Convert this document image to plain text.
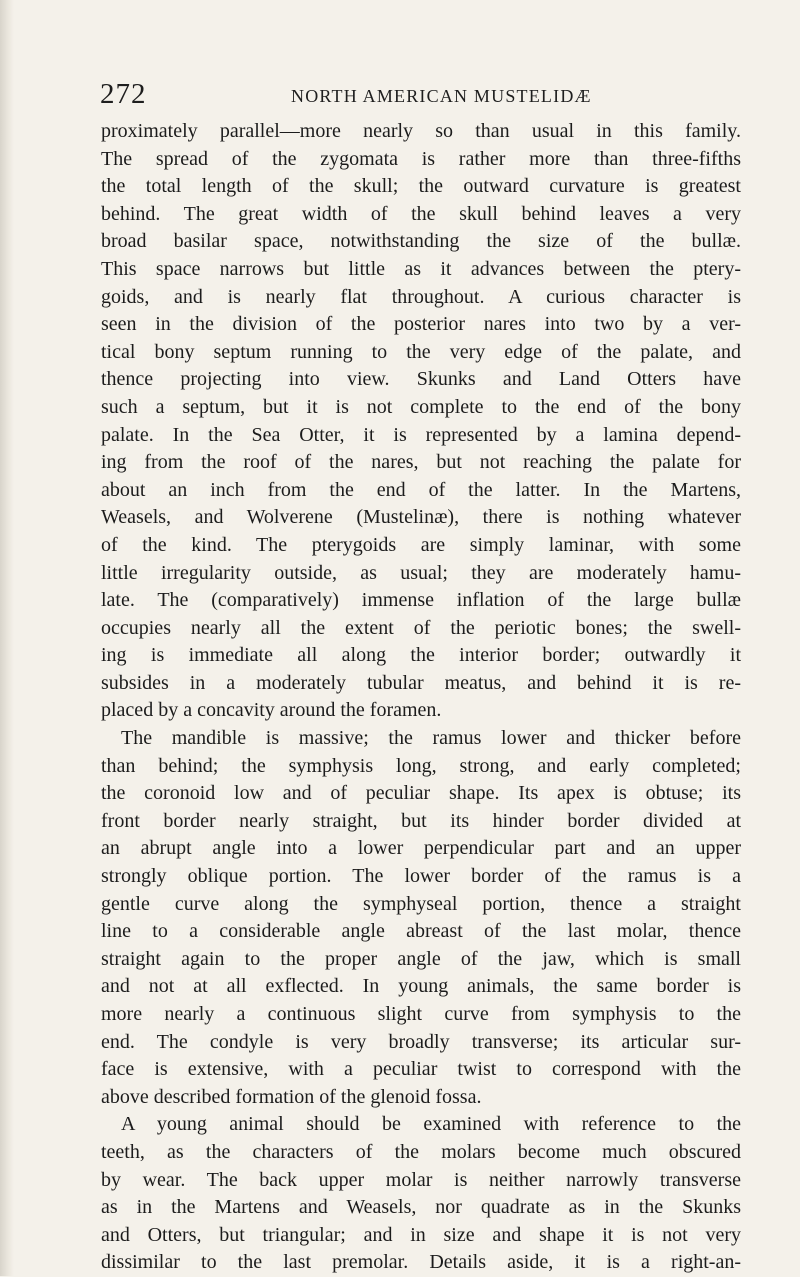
272	NORTH AMERICAN MUSTELIDÆ
proximately parallel—more nearly so than usual in this family.
The spread of the zygomata is rather more than three-fifths
the total length of the skull; the outward curvature is greatest
behind. The great width of the skull behind leaves a very
broad basilar space, notwithstanding the size of the bullæ.
This space narrows but little as it advances between the ptery-
goids, and is nearly flat throughout. A curious character is
seen in the division of the posterior nares into two by a ver-
tical bony septum running to the very edge of the palate, and
thence projecting into view. Skunks and Land Otters have
such a septum, but it is not complete to the end of the bony
palate. In the Sea Otter, it is represented by a lamina depend-
ing from the roof of the nares, but not reaching the palate for
about an inch from the end of the latter. In the Martens,
Weasels, and Wolverene (Mustelinæ), there is nothing whatever
of the kind. The pterygoids are simply laminar, with some
little irregularity outside, as usual; they are moderately hamu-
late. The (comparatively) immense inflation of the large bullæ
occupies nearly all the extent of the periotic bones; the swell-
ing is immediate all along the interior border; outwardly it
subsides in a moderately tubular meatus, and behind it is re-
placed by a concavity around the foramen.
The mandible is massive; the ramus lower and thicker before
than behind; the symphysis long, strong, and early completed;
the coronoid low and of peculiar shape. Its apex is obtuse; its
front border nearly straight, but its hinder border divided at
an abrupt angle into a lower perpendicular part and an upper
strongly oblique portion. The lower border of the ramus is a
gentle curve along the symphyseal portion, thence a straight
line to a considerable angle abreast of the last molar, thence
straight again to the proper angle of the jaw, which is small
and not at all exflected. In young animals, the same border is
more nearly a continuous slight curve from symphysis to the
end. The condyle is very broadly transverse; its articular sur-
face is extensive, with a peculiar twist to correspond with the
above described formation of the glenoid fossa.
A young animal should be examined with reference to the
teeth, as the characters of the molars become much obscured
by wear. The back upper molar is neither narrowly transverse
as in the Martens and Weasels, nor quadrate as in the Skunks
and Otters, but triangular; and in size and shape it is not very
dissimilar to the last premolar. Details aside, it is a right-an-
